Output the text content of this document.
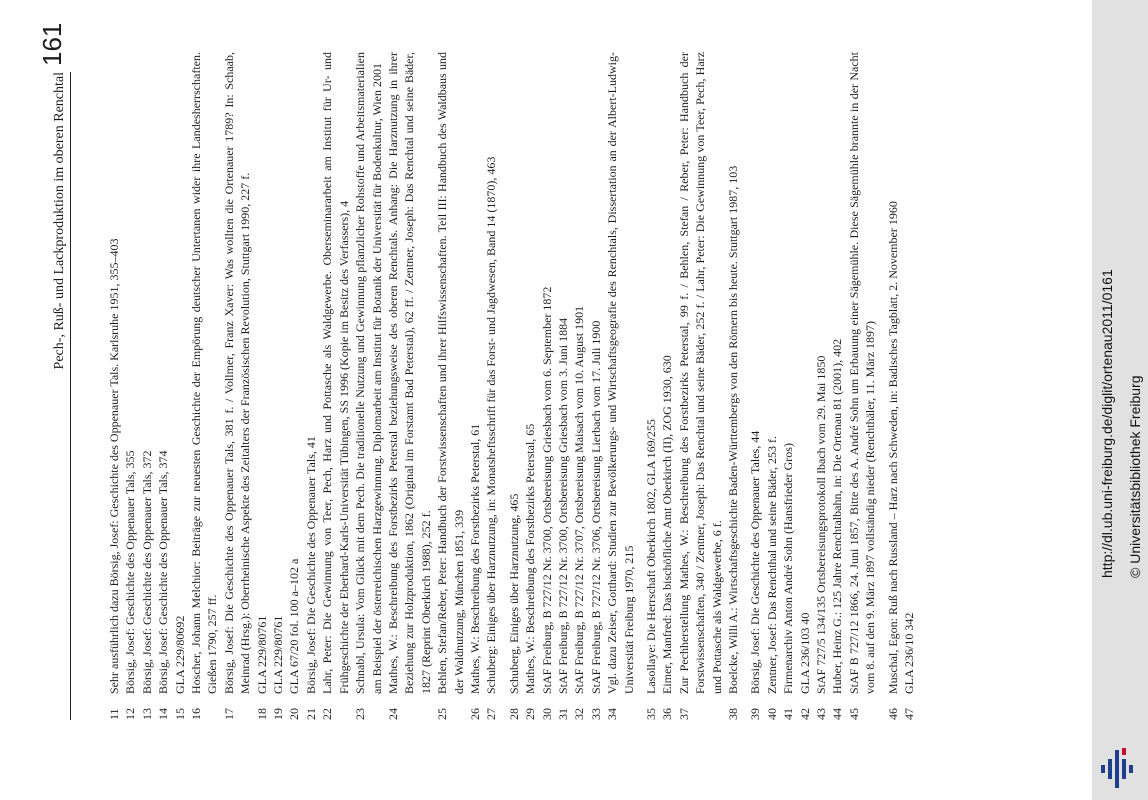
Pech-, Ruß- und Lackproduktion im oberen Renchtal
161
11
Sehr ausführlich dazu Börsig, Josef: Geschichte des Oppenauer Tals. Karlsruhe 1951, 355–403
12
Börsig, Josef: Geschichte des Oppenauer Tals, 355
13
Börsig, Josef: Geschichte des Oppenauer Tals, 372
14
Börsig, Josef: Geschichte des Oppenauer Tals, 374
15
GLA 229/80692
16
Hoscher, Johann Melchior: Beiträge zur neuesten Geschichte der Empörung deutscher Untertanen wider ihre Landesherrschaften. Gießen 1790, 257 ff.
17
Börsig, Josef: Die Geschichte des Oppenauer Tals, 381 f. / Vollmer, Franz Xaver: Was wollten die Ortenauer 1789? In: Schaab, Meinrad (Hrsg.): Oberrheinische Aspekte des Zeitalters der Französischen Revolution, Stuttgart 1990, 227 f.
18
GLA 229/80761
19
GLA 229/80761
20
GLA 67/20 fol. 100 a–102 a
21
Börsig, Josef: Die Geschichte des Oppenauer Tals, 41
22
Lahr, Peter: Die Gewinnung von Teer, Pech, Harz und Pottasche als Waldgewerbe. Oberseminararbeit am Institut für Ur- und Frühgeschichte der Eberhard-Karls-Universität Tübingen, SS 1996 (Kopie im Besitz des Verfassers), 4
23
Schnabl, Ursula: Vom Glück mit dem Pech. Die traditionelle Nutzung und Gewinnung pflanzlicher Rohstoffe und Arbeitsmaterialien am Beispiel der österreichischen Harzgewinnung. Diplomarbeit am Institut für Botanik der Universität für Bodenkultur, Wien 2001
24
Mathes, W.: Beschreibung des Forstbezirks Peterstal beziehungsweise des oberen Renchtals. Anhang: Die Harznutzung in ihrer Beziehung zur Holzproduktion, 1862 (Original im Forstamt Bad Peterstal), 62 ff. / Zentner, Joseph: Das Renchtal und seine Bäder, 1827 (Reprint Oberkirch 1988), 252 f.
25
Behlen, Stefan/Reber, Peter: Handbuch der Forstwissenschaften und ihrer Hilfswissenschaften. Teil III: Handbuch des Waldbaus und der Waldnutzung, München 1851, 339
26
Mathes, W.: Beschreibung des Forstbezirks Peterstal, 61
27
Schuberg: Einiges über Harznutzung, in: Monatsheftsschrift für das Forst- und Jagdwesen, Band 14 (1870), 463
28
Schuberg, Einiges über Harznutzung, 465
29
Mathes, W.: Beschreibung des Forstbezirks Peterstal, 65
30
StAF Freiburg, B 727/12 Nr. 3700, Ortsbereisung Griesbach vom 6. September 1872
31
StAF Freiburg, B 727/12 Nr. 3700, Ortsbereisung Griesbach vom 3. Juni 1884
32
StAF Freiburg, B 727/12 Nr. 3707, Ortsbereisung Maisach vom 10. August 1901
33
StAF Freiburg, B 727/12 Nr. 3706, Ortsbereisung Lierbach vom 17. Juli 1900
34
Vgl. dazu Zeiser, Gotthard: Studien zur Bevölkerungs- und Wirtschaftsgeografie des Renchtals, Dissertation an der Albert-Ludwig-Universität Freiburg 1970, 215
35
Lasollaye: Die Herrschaft Oberkirch 1802, GLA 169/255
36
Eimer, Manfred: Das bischöfliche Amt Oberkirch (II), ZOG 1930, 630
37
Zur Pechherstellung Mathes, W.: Beschreibung des Forstbezirks Peterstal, 99 f. / Behlen, Stefan / Reber, Peter: Handbuch der Forstwissenschaften, 340 / Zentner, Joseph: Das Renchtal und seine Bäder, 252 f. / Lahr, Peter: Die Gewinnung von Teer, Pech, Harz und Pottasche als Waldgewerbe, 6 f.
38
Boelcke, Willi A.: Wirtschaftsgeschichte Baden-Württembergs von den Römern bis heute. Stuttgart 1987, 103
39
Börsig, Josef: Die Geschichte des Oppenauer Tales, 44
40
Zentner, Josef: Das Renchthal und seine Bäder, 253 f.
41
Firmenarchiv Anton André Sohn (Hansfrieder Gros)
42
GLA 236/103 40
43
StAF 727/5 134/135 Ortsbereisungsprotokoll Ibach vom 29. Mai 1850
44
Huber, Heinz G.: 125 Jahre Renchtalbahn, in: Die Ortenau 81 (2001), 402
45
StAF B 727/12 1866, 24. Juni 1857, Bitte des A. André Sohn um Erbauung einer Sägemühle. Diese Sägemühle brannte in der Nacht vom 8. auf den 9. März 1897 vollständig nieder (Renchthäler, 11. März 1897)
46
Muschal, Egon: Ruß nach Russland – Harz nach Schweden, in: Badisches Tagblatt, 2. November 1960
47
GLA 236/10 342
http://dl.ub.uni-freiburg.de/diglit/ortenau2011/0161 © Universitätsbibliothek Freiburg
